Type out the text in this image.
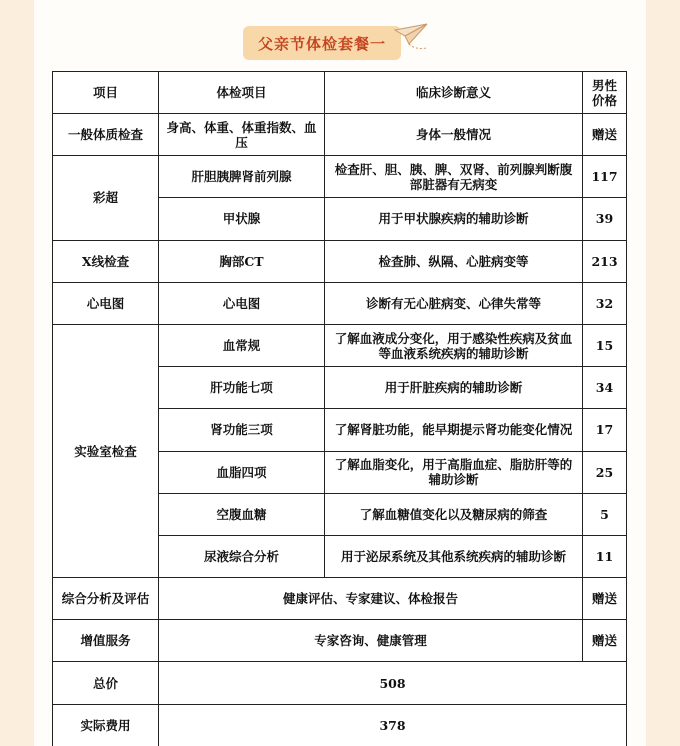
父亲节体检套餐一
项目	体检项目	临床诊断意义	男性价格
一般体质检查	身高、体重、体重指数、血压	身体一般情况	赠送
彩超	肝胆胰脾肾前列腺	检查肝、胆、胰、脾、双肾、前列腺判断腹部脏器有无病变	117
	甲状腺	用于甲状腺疾病的辅助诊断	39
X线检查	胸部CT	检查肺、纵隔、心脏病变等	213
心电图	心电图	诊断有无心脏病变、心律失常等	32
实验室检查	血常规	了解血液成分变化，用于感染性疾病及贫血等血液系统疾病的辅助诊断	15
	肝功能七项	用于肝脏疾病的辅助诊断	34
	肾功能三项	了解肾脏功能，能早期提示肾功能变化情况	17
	血脂四项	了解血脂变化，用于高脂血症、脂肪肝等的辅助诊断	25
	空腹血糖	了解血糖值变化以及糖尿病的筛查	5
	尿液综合分析	用于泌尿系统及其他系统疾病的辅助诊断	11
综合分析及评估	健康评估、专家建议、体检报告		赠送
增值服务	专家咨询、健康管理		赠送
总价	508		
实际费用	378		
